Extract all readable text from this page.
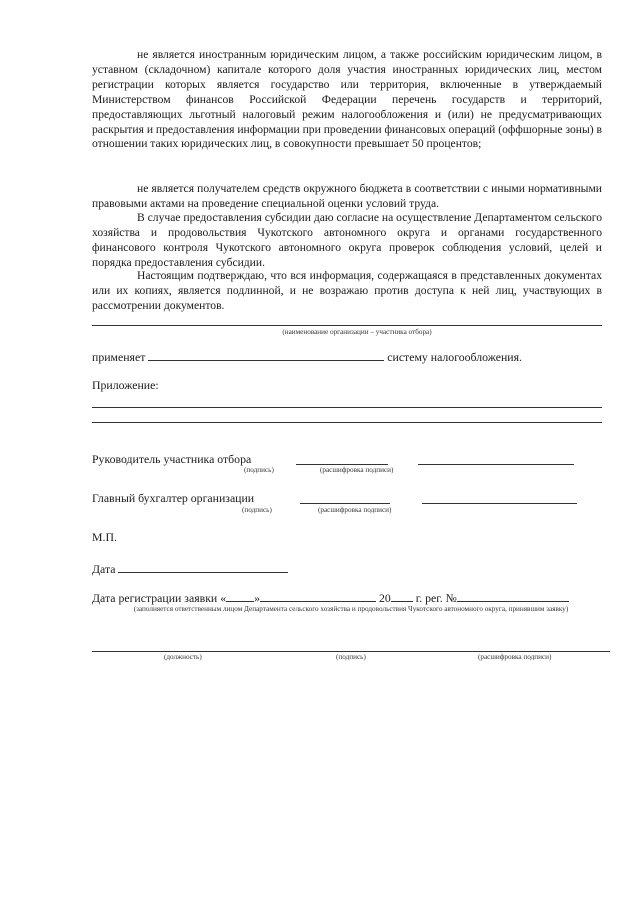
не является иностранным юридическим лицом, а также российским юридическим лицом, в уставном (складочном) капитале которого доля участия иностранных юридических лиц, местом регистрации которых является государство или территория, включенные в утверждаемый Министерством финансов Российской Федерации перечень государств и территорий, предоставляющих льготный налоговый режим налогообложения и (или) не предусматривающих раскрытия и предоставления информации при проведении финансовых операций (оффшорные зоны) в отношении таких юридических лиц, в совокупности превышает 50 процентов;

не является получателем средств окружного бюджета в соответствии с иными нормативными правовыми актами на проведение специальной оценки условий труда.

В случае предоставления субсидии даю согласие на осуществление Департаментом сельского хозяйства и продовольствия Чукотского автономного округа и органами государственного финансового контроля Чукотского автономного округа проверок соблюдения условий, целей и порядка предоставления субсидии.

Настоящим подтверждаю, что вся информация, содержащаяся в представленных документах или их копиях, является подлинной, и не возражаю против доступа к ней лиц, участвующих в рассмотрении документов.

(наименование организации – участника отбора)
применяет	систему налогообложения.
Приложение:
Руководитель участника отбора
(подпись)	(расшифровка подписи)
Главный бухгалтер организации
(подпись)	(расшифровка подписи)
М.П.
Дата
Дата регистрации заявки « »	20 г. рег. №
(заполняется ответственным лицом Департамента сельского хозяйства и продовольствия Чукотского автономного округа, принявшим заявку)
(должность)	(подпись)	(расшифровка подписи)
